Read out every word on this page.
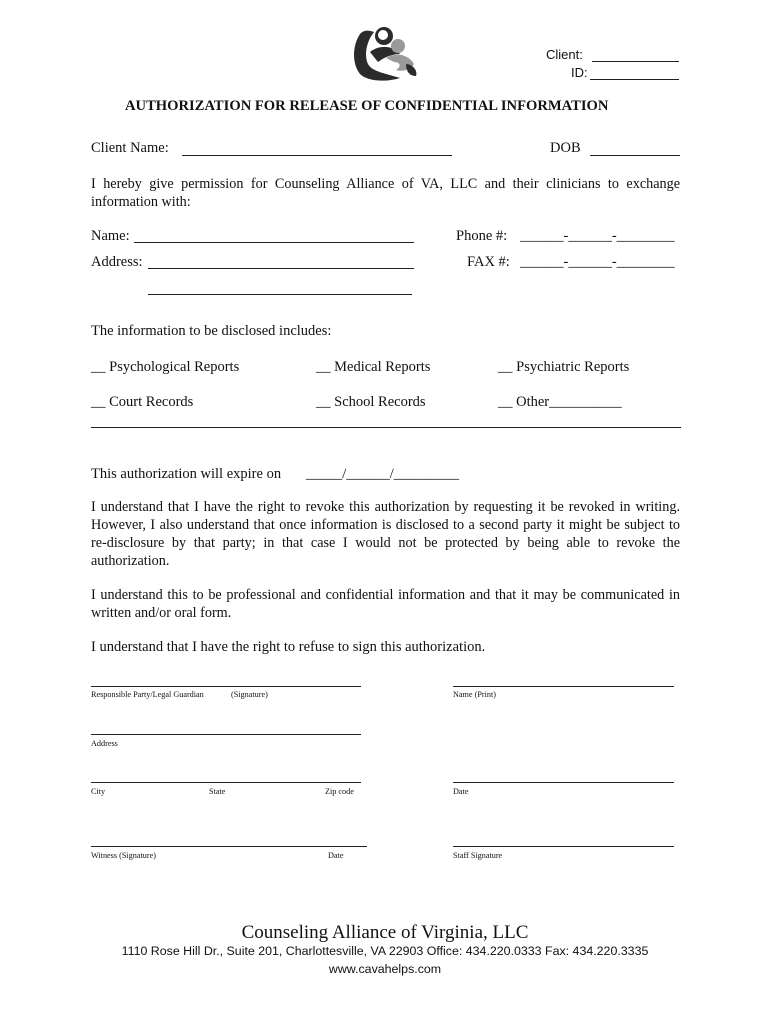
Client:
ID:
AUTHORIZATION FOR RELEASE OF CONFIDENTIAL INFORMATION
Client Name:	DOB
I hereby give permission for Counseling Alliance of VA, LLC and their clinicians to exchange information with:
Name:
Address:
Phone #: ______-______-________
FAX #: ______-______-________
The information to be disclosed includes:
__ Psychological Reports	__ Medical Reports	__ Psychiatric Reports
__ Court Records	__ School Records	__ Other__________
This authorization will expire on _____/______/_________
I understand that I have the right to revoke this authorization by requesting it be revoked in writing. However, I also understand that once information is disclosed to a second party it might be subject to re-disclosure by that party; in that case I would not be protected by being able to revoke the authorization.
I understand this to be professional and confidential information and that it may be communicated in written and/or oral form.
I understand that I have the right to refuse to sign this authorization.
Responsible Party/Legal Guardian	(Signature)	Name (Print)
Address
City	State	Zip code	Date
Witness (Signature)	Date	Staff Signature
Counseling Alliance of Virginia, LLC
1110 Rose Hill Dr., Suite 201, Charlottesville, VA 22903 Office: 434.220.0333 Fax: 434.220.3335
www.cavahelps.com
